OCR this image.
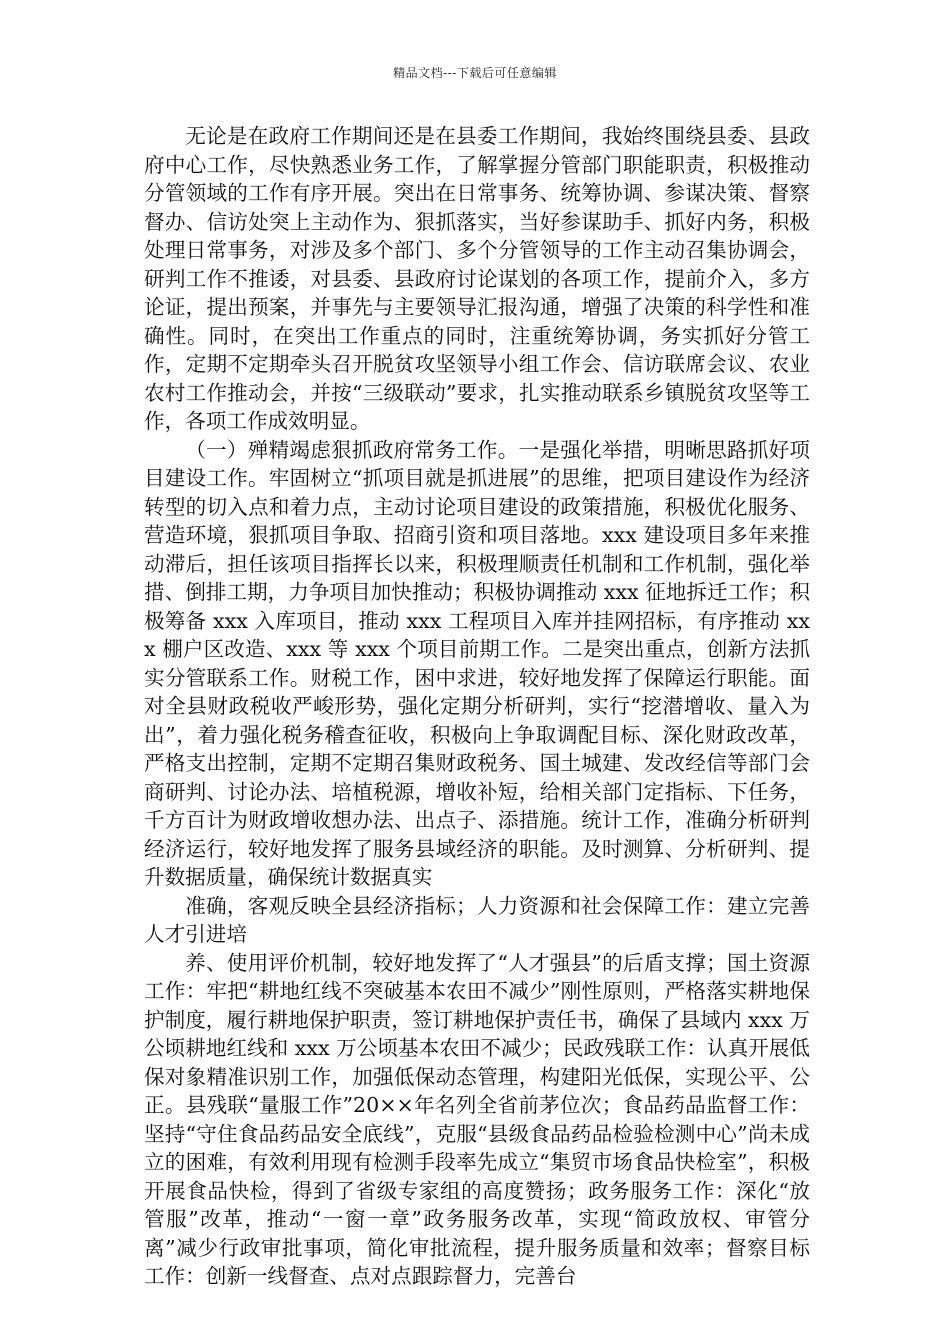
精品文档---下载后可任意编辑

无论是在政府工作期间还是在县委工作期间，我始终围绕县委、县政府中心工作，尽快熟悉业务工作，了解掌握分管部门职能职责，积极推动分管领域的工作有序开展。突出在日常事务、统筹协调、参谋决策、督察督办、信访处突上主动作为、狠抓落实，当好参谋助手、抓好内务，积极处理日常事务，对涉及多个部门、多个分管领导的工作主动召集协调会，研判工作不推诿，对县委、县政府讨论谋划的各项工作，提前介入，多方论证，提出预案，并事先与主要领导汇报沟通，增强了决策的科学性和准确性。同时，在突出工作重点的同时，注重统筹协调，务实抓好分管工作，定期不定期牵头召开脱贫攻坚领导小组工作会、信访联席会议、农业农村工作推动会，并按“三级联动”要求，扎实推动联系乡镇脱贫攻坚等工作，各项工作成效明显。

（一）殚精竭虑狠抓政府常务工作。一是强化举措，明晰思路抓好项目建设工作。牢固树立“抓项目就是抓进展”的思维，把项目建设作为经济转型的切入点和着力点，主动讨论项目建设的政策措施，积极优化服务、营造环境，狠抓项目争取、招商引资和项目落地。xxx 建设项目多年来推动滞后，担任该项目指挥长以来，积极理顺责任机制和工作机制，强化举措、倒排工期，力争项目加快推动；积极协调推动 xxx 征地拆迁工作；积极筹备 xxx 入库项目，推动 xxx 工程项目入库并挂网招标，有序推动 xxx 棚户区改造、xxx 等 xxx 个项目前期工作。二是突出重点，创新方法抓实分管联系工作。财税工作，困中求进，较好地发挥了保障运行职能。面对全县财政税收严峻形势，强化定期分析研判，实行“挖潜增收、量入为出”，着力强化税务稽查征收，积极向上争取调配目标、深化财政改革，严格支出控制，定期不定期召集财政税务、国土城建、发改经信等部门会商研判、讨论办法、培植税源，增收补短，给相关部门定指标、下任务，千方百计为财政增收想办法、出点子、添措施。统计工作，准确分析研判经济运行，较好地发挥了服务县域经济的职能。及时测算、分析研判、提升数据质量，确保统计数据真实

准确，客观反映全县经济指标；人力资源和社会保障工作：建立完善人才引进培

养、使用评价机制，较好地发挥了“人才强县”的后盾支撑；国土资源工作：牢把“耕地红线不突破基本农田不减少”刚性原则，严格落实耕地保护制度，履行耕地保护职责，签订耕地保护责任书，确保了县域内 xxx 万公顷耕地红线和 xxx 万公顷基本农田不减少；民政残联工作：认真开展低保对象精准识别工作，加强低保动态管理，构建阳光低保，实现公平、公正。县残联“量服工作”20××年名列全省前茅位次；食品药品监督工作：坚持“守住食品药品安全底线”，克服“县级食品药品检验检测中心”尚未成立的困难，有效利用现有检测手段率先成立“集贸市场食品快检室”，积极开展食品快检，得到了省级专家组的高度赞扬；政务服务工作：深化“放管服”改革，推动“一窗一章”政务服务改革，实现“简政放权、审管分离”减少行政审批事项，简化审批流程，提升服务质量和效率；督察目标工作：创新一线督查、点对点跟踪督力，完善台
